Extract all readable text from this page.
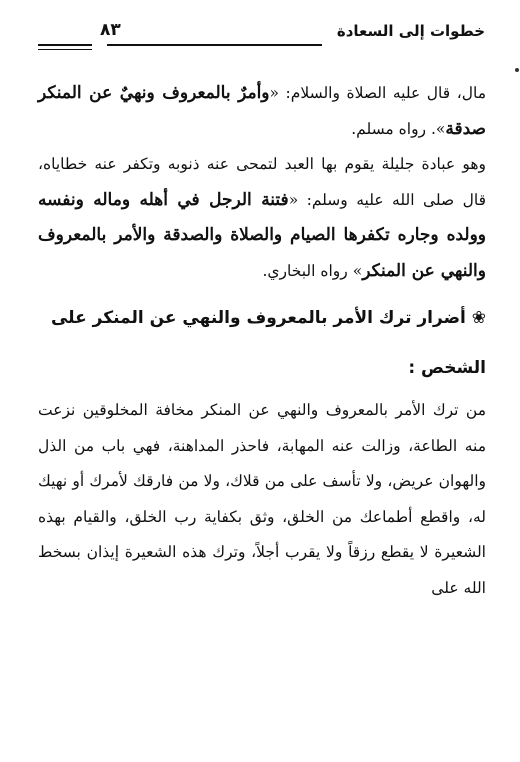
خطوات إلى السعادة
٨٣

مال، قال عليه الصلاة والسلام: «وأمرٌ بالمعروف ونهيٌ عن المنكر صدقة». رواه مسلم.

وهو عبادة جليلة يقوم بها العبد لتمحى عنه ذنوبه وتكفر عنه خطاياه، قال صلى الله عليه وسلم: «فتنة الرجل في أهله وماله ونفسه وولده وجاره تكفرها الصيام والصلاة والصدقة والأمر بالمعروف والنهي عن المنكر» رواه البخاري.

❀ أضرار ترك الأمر بالمعروف والنهي عن المنكر على

الشخص :

من ترك الأمر بالمعروف والنهي عن المنكر مخافة المخلوقين نزعت منه الطاعة، وزالت عنه المهابة، فاحذر المداهنة، فهي باب من الذل والهوان عريض، ولا تأسف على من قلاك، ولا من فارقك لأمرك أو نهيك له، واقطع أطماعك من الخلق، وثق بكفاية رب الخلق، والقيام بهذه الشعيرة لا يقطع رزقاً ولا يقرب أجلاً، وترك هذه الشعيرة إيذان بسخط الله على
